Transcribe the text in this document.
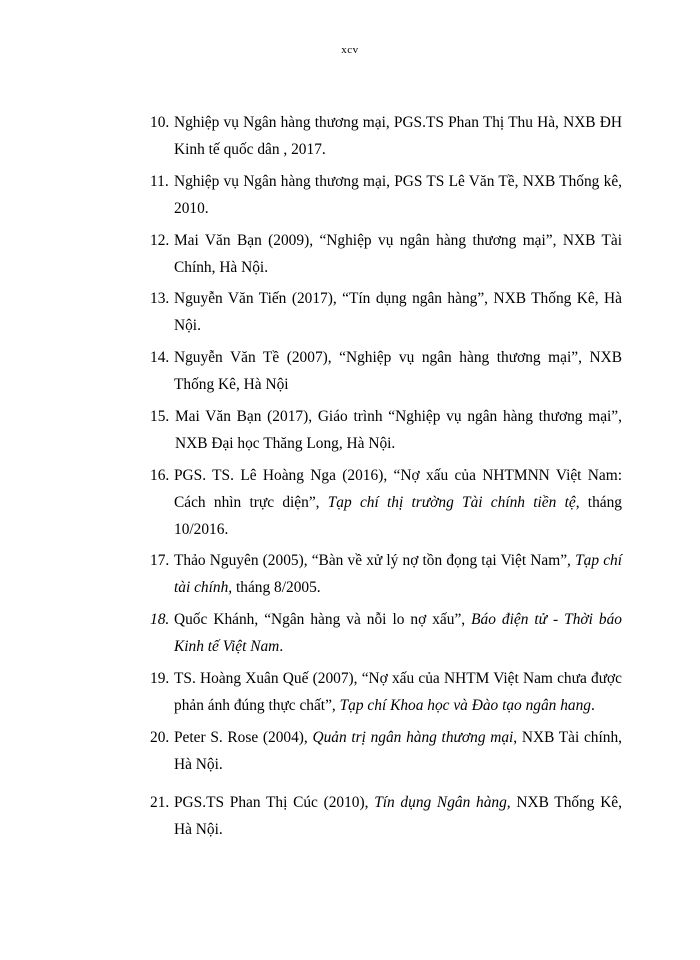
xcv
10. Nghiệp vụ Ngân hàng thương mại, PGS.TS Phan Thị Thu Hà, NXB ĐH Kinh tế quốc dân , 2017.
11. Nghiệp vụ Ngân hàng thương mại, PGS TS Lê Văn Tề, NXB Thống kê, 2010.
12. Mai Văn Bạn (2009), “Nghiệp vụ ngân hàng thương mại”, NXB Tài Chính, Hà Nội.
13. Nguyễn Văn Tiến (2017), “Tín dụng ngân hàng”, NXB Thống Kê, Hà Nội.
14. Nguyễn Văn Tề (2007), “Nghiệp vụ ngân hàng thương mại”, NXB Thống Kê, Hà Nội
15. Mai Văn Bạn (2017), Giáo trình “Nghiệp vụ ngân hàng thương mại”, NXB Đại học Thăng Long, Hà Nội.
16. PGS. TS. Lê Hoàng Nga (2016), “Nợ xấu của NHTMNN Việt Nam: Cách nhìn trực diện”, Tạp chí thị trường Tài chính tiền tệ, tháng 10/2016.
17. Thảo Nguyên (2005), “Bàn về xử lý nợ tồn đọng tại Việt Nam”, Tạp chí tài chính, tháng 8/2005.
18. Quốc Khánh, “Ngân hàng và nỗi lo nợ xấu”, Báo điện tử - Thời báo Kinh tế Việt Nam.
19. TS. Hoàng Xuân Quế (2007), “Nợ xấu của NHTM Việt Nam chưa được phản ánh đúng thực chất”, Tạp chí Khoa học và Đào tạo ngân hang.
20. Peter S. Rose (2004), Quản trị ngân hàng thương mại, NXB Tài chính, Hà Nội.
21. PGS.TS Phan Thị Cúc (2010), Tín dụng Ngân hàng, NXB Thống Kê, Hà Nội.
